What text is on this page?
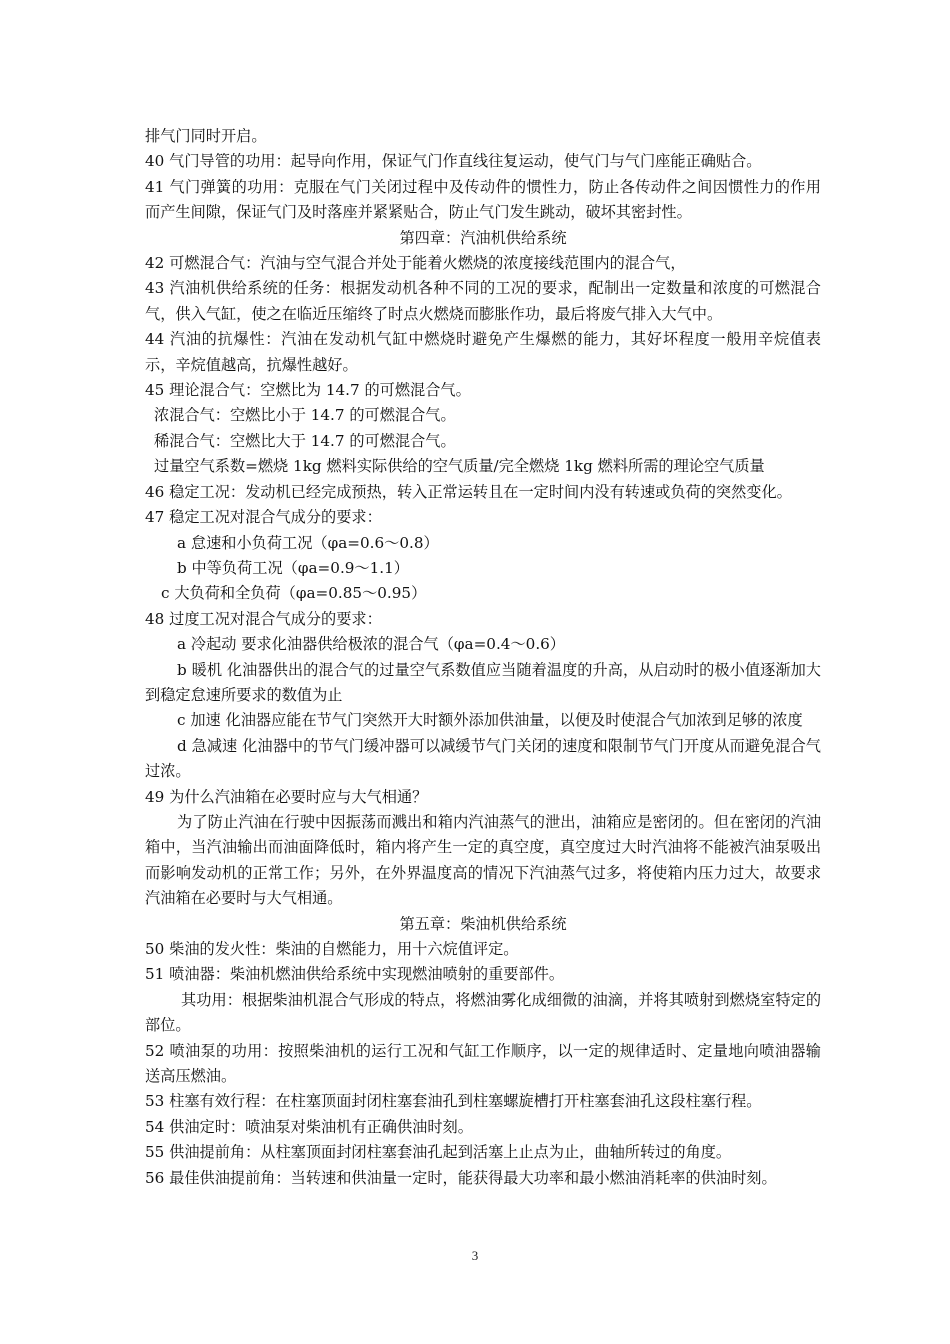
排气门同时开启。

40 气门导管的功用：起导向作用，保证气门作直线往复运动，使气门与气门座能正确贴合。

41 气门弹簧的功用：克服在气门关闭过程中及传动件的惯性力，防止各传动件之间因惯性力的作用而产生间隙，保证气门及时落座并紧紧贴合，防止气门发生跳动，破坏其密封性。

第四章：汽油机供给系统

42 可燃混合气：汽油与空气混合并处于能着火燃烧的浓度接线范围内的混合气，

43 汽油机供给系统的任务：根据发动机各种不同的工况的要求，配制出一定数量和浓度的可燃混合气，供入气缸，使之在临近压缩终了时点火燃烧而膨胀作功，最后将废气排入大气中。

44 汽油的抗爆性：汽油在发动机气缸中燃烧时避免产生爆燃的能力，其好坏程度一般用辛烷值表示，辛烷值越高，抗爆性越好。

45 理论混合气：空燃比为 14.7 的可燃混合气。

浓混合气：空燃比小于 14.7 的可燃混合气。

稀混合气：空燃比大于 14.7 的可燃混合气。

过量空气系数=燃烧 1kg 燃料实际供给的空气质量/完全燃烧 1kg 燃料所需的理论空气质量

46 稳定工况：发动机已经完成预热，转入正常运转且在一定时间内没有转速或负荷的突然变化。

47 稳定工况对混合气成分的要求：

a 怠速和小负荷工况（φa=0.6～0.8）

b 中等负荷工况（φa=0.9～1.1）

c 大负荷和全负荷（φa=0.85～0.95）

48 过度工况对混合气成分的要求：

a 冷起动 要求化油器供给极浓的混合气（φa=0.4～0.6）

b 暖机 化油器供出的混合气的过量空气系数值应当随着温度的升高，从启动时的极小值逐渐加大到稳定怠速所要求的数值为止

c 加速 化油器应能在节气门突然开大时额外添加供油量，以便及时使混合气加浓到足够的浓度

d 急减速 化油器中的节气门缓冲器可以减缓节气门关闭的速度和限制节气门开度从而避免混合气过浓。

49 为什么汽油箱在必要时应与大气相通？

为了防止汽油在行驶中因振荡而溅出和箱内汽油蒸气的泄出，油箱应是密闭的。但在密闭的汽油箱中，当汽油输出而油面降低时，箱内将产生一定的真空度，真空度过大时汽油将不能被汽油泵吸出而影响发动机的正常工作；另外，在外界温度高的情况下汽油蒸气过多，将使箱内压力过大，故要求汽油箱在必要时与大气相通。

第五章：柴油机供给系统

50 柴油的发火性：柴油的自燃能力，用十六烷值评定。

51 喷油器：柴油机燃油供给系统中实现燃油喷射的重要部件。

其功用：根据柴油机混合气形成的特点，将燃油雾化成细微的油滴，并将其喷射到燃烧室特定的部位。

52 喷油泵的功用：按照柴油机的运行工况和气缸工作顺序，以一定的规律适时、定量地向喷油器输送高压燃油。

53 柱塞有效行程：在柱塞顶面封闭柱塞套油孔到柱塞螺旋槽打开柱塞套油孔这段柱塞行程。

54 供油定时：喷油泵对柴油机有正确供油时刻。

55 供油提前角：从柱塞顶面封闭柱塞套油孔起到活塞上止点为止，曲轴所转过的角度。

56 最佳供油提前角：当转速和供油量一定时，能获得最大功率和最小燃油消耗率的供油时刻。

3
